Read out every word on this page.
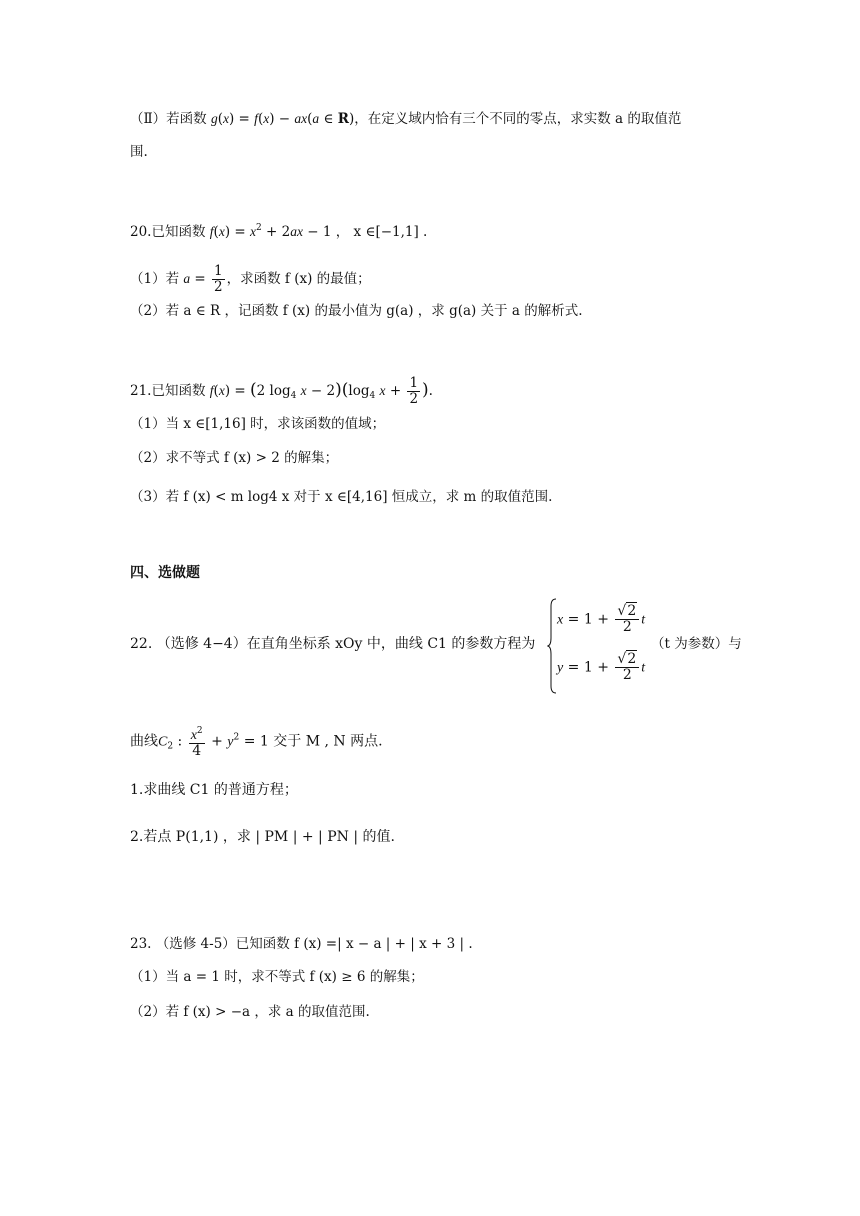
（Ⅱ）若函数 g(x) = f(x) − ax(a ∈ R)，在定义域内恰有三个不同的零点，求实数 a 的取值范
围.
20.已知函数 $f(x) = x^2 + 2ax - 1$ ， x ∈[−1,1] .
（1）若 $a = \frac{1}{2}$ ，求函数 f (x) 的最值；
（2）若 a ∈ R ，记函数 f (x) 的最小值为 g(a) ，求 g(a) 关于 a 的解析式.
21.已知函数 f(x) = (2 $\log_4 x - 2)(\log_4$ $x + \frac{1}{2}$ ).
（1）当 x ∈[1,16] 时，求该函数的值域；
（2）求不等式 f (x) > 2 的解集；
（3）若 f (x) < m log4 x 对于 x ∈[4,16] 恒成立，求 m 的取值范围.
四、选做题
22. （选修 4−4）在直角坐标系 xOy 中，曲线 C1 的参数方程为
$x = 1 + \frac{√2}{2}$ t
$y = 1 + \frac{√2}{2}$ t
（t 为参数）与
曲线$C_2$ : $\frac{x^2}{4} + y^2 = 1$ 交于 M , N 两点.
1.求曲线 C1 的普通方程；
2.若点 P(1,1) ，求 | PM | + | PN | 的值.
23. （选修 4-5）已知函数 f (x) =| x − a | + | x + 3 | .
（1）当 a = 1 时，求不等式 f (x) ≥ 6 的解集；
（2）若 f (x) > −a ，求 a 的取值范围.
